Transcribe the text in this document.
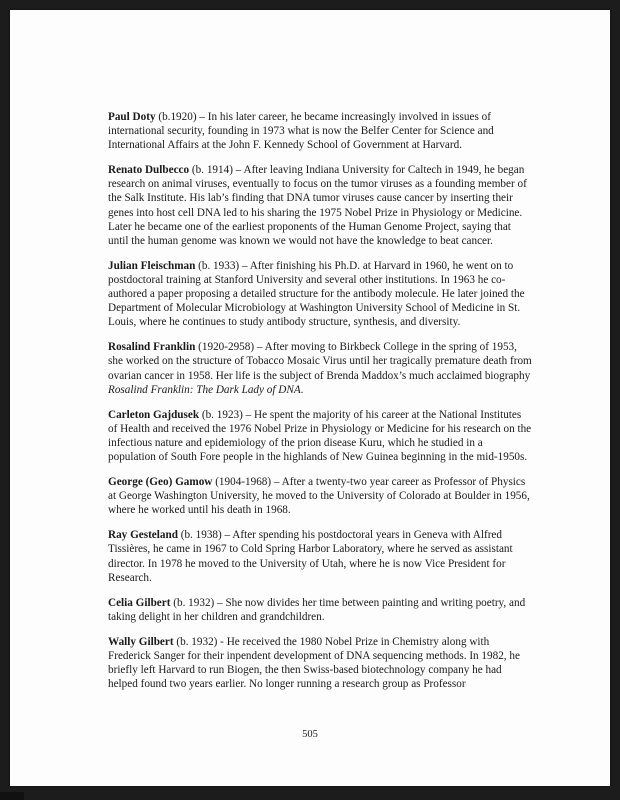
Paul Doty (b.1920) – In his later career, he became increasingly involved in issues of international security, founding in 1973 what is now the Belfer Center for Science and International Affairs at the John F. Kennedy School of Government at Harvard.

Renato Dulbecco (b. 1914) – After leaving Indiana University for Caltech in 1949, he began research on animal viruses, eventually to focus on the tumor viruses as a founding member of the Salk Institute. His lab’s finding that DNA tumor viruses cause cancer by inserting their genes into host cell DNA led to his sharing the 1975 Nobel Prize in Physiology or Medicine. Later he became one of the earliest proponents of the Human Genome Project, saying that until the human genome was known we would not have the knowledge to beat cancer.

Julian Fleischman (b. 1933) – After finishing his Ph.D. at Harvard in 1960, he went on to postdoctoral training at Stanford University and several other institutions. In 1963 he co-authored a paper proposing a detailed structure for the antibody molecule. He later joined the Department of Molecular Microbiology at Washington University School of Medicine in St. Louis, where he continues to study antibody structure, synthesis, and diversity.

Rosalind Franklin (1920-2958) – After moving to Birkbeck College in the spring of 1953, she worked on the structure of Tobacco Mosaic Virus until her tragically premature death from ovarian cancer in 1958. Her life is the subject of Brenda Maddox’s much acclaimed biography Rosalind Franklin: The Dark Lady of DNA.

Carleton Gajdusek (b. 1923) – He spent the majority of his career at the National Institutes of Health and received the 1976 Nobel Prize in Physiology or Medicine for his research on the infectious nature and epidemiology of the prion disease Kuru, which he studied in a population of South Fore people in the highlands of New Guinea beginning in the mid-1950s.

George (Geo) Gamow (1904-1968) – After a twenty-two year career as Professor of Physics at George Washington University, he moved to the University of Colorado at Boulder in 1956, where he worked until his death in 1968.

Ray Gesteland (b. 1938) – After spending his postdoctoral years in Geneva with Alfred Tissières, he came in 1967 to Cold Spring Harbor Laboratory, where he served as assistant director. In 1978 he moved to the University of Utah, where he is now Vice President for Research.

Celia Gilbert (b. 1932) – She now divides her time between painting and writing poetry, and taking delight in her children and grandchildren.

Wally Gilbert (b. 1932) - He received the 1980 Nobel Prize in Chemistry along with Frederick Sanger for their inpendent development of DNA sequencing methods. In 1982, he briefly left Harvard to run Biogen, the then Swiss-based biotechnology company he had helped found two years earlier. No longer running a research group as Professor

505
